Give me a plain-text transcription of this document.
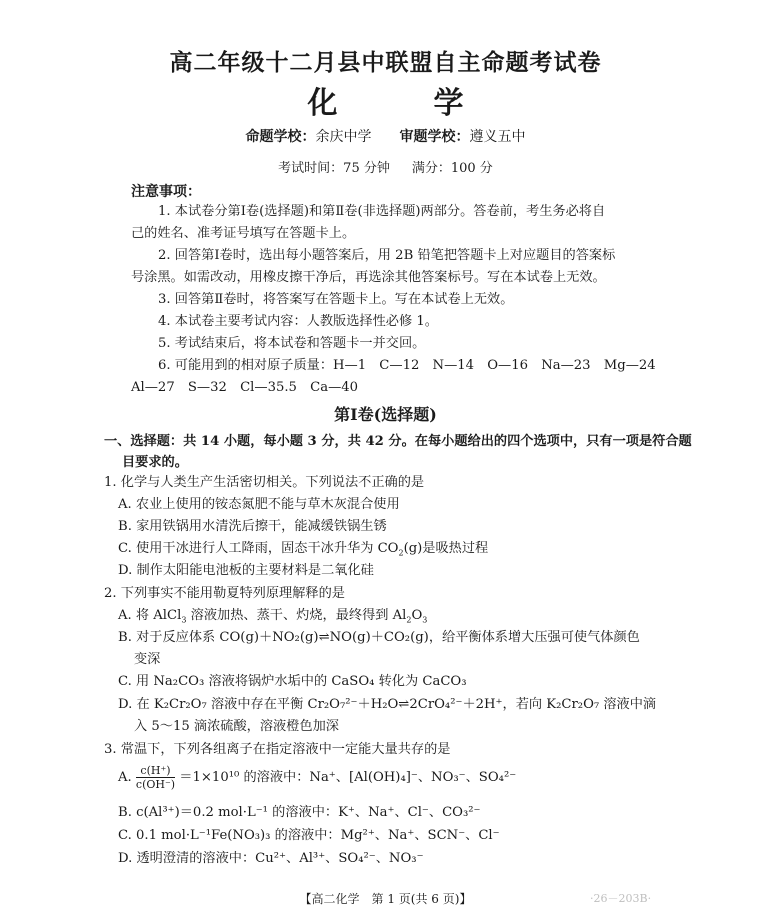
高二年级十二月县中联盟自主命题考试卷
化	学
命题学校：余庆中学 审题学校：遵义五中
考试时间：75 分钟 满分：100 分
注意事项：
1. 本试卷分第Ⅰ卷(选择题)和第Ⅱ卷(非选择题)两部分。答卷前，考生务必将自
己的姓名、准考证号填写在答题卡上。
2. 回答第Ⅰ卷时，选出每小题答案后，用 2B 铅笔把答题卡上对应题目的答案标
号涂黑。如需改动，用橡皮擦干净后，再选涂其他答案标号。写在本试卷上无效。
3. 回答第Ⅱ卷时，将答案写在答题卡上。写在本试卷上无效。
4. 本试卷主要考试内容：人教版选择性必修 1。
5. 考试结束后，将本试卷和答题卡一并交回。
6. 可能用到的相对原子质量：H—1　C—12　N—14　O—16　Na—23　Mg—24
Al—27　S—32　Cl—35.5　Ca—40
第Ⅰ卷(选择题)
一、选择题：共 14 小题，每小题 3 分，共 42 分。在每小题给出的四个选项中，只有一项是符合题
目要求的。
1. 化学与人类生产生活密切相关。下列说法不正确的是
A. 农业上使用的铵态氮肥不能与草木灰混合使用
B. 家用铁锅用水清洗后擦干，能减缓铁锅生锈
C. 使用干冰进行人工降雨，固态干冰升华为 $CO_2(g)$是吸热过程
D. 制作太阳能电池板的主要材料是二氧化硅
2. 下列事实不能用勒夏特列原理解释的是
A. 将 AlCl$_3$ 溶液加热、蒸干、灼烧，最终得到 $Al_2O_3$
B. 对于反应体系 CO(g)＋NO₂(g)⇌NO(g)＋CO₂(g)，给平衡体系增大压强可使气体颜色
变深
C. 用 Na₂CO₃ 溶液将锅炉水垢中的 CaSO₄ 转化为 CaCO₃
D. 在 K₂Cr₂O₇ 溶液中存在平衡 Cr₂O₇²⁻＋H₂O⇌2CrO₄²⁻＋2H⁺，若向 K₂Cr₂O₇ 溶液中滴
入 5～15 滴浓硫酸，溶液橙色加深
3. 常温下，下列各组离子在指定溶液中一定能大量共存的是
A. $\frac{c(H^+)}{c(OH^-)} =1\times 10^{10}$ 的溶液中：Na⁺、[Al(OH)₄]⁻、NO₃⁻、SO₄²⁻
B. c(Al³⁺)＝0.2 mol·L⁻¹ 的溶液中：K⁺、Na⁺、Cl⁻、CO₃²⁻
C. 0.1 mol·L⁻¹Fe(NO₃)₃ 的溶液中：Mg²⁺、Na⁺、SCN⁻、Cl⁻
D. 透明澄清的溶液中：Cu²⁺、Al³⁺、SO₄²⁻、NO₃⁻
【高二化学　第 1 页(共 6 页)】	·26－203B·
